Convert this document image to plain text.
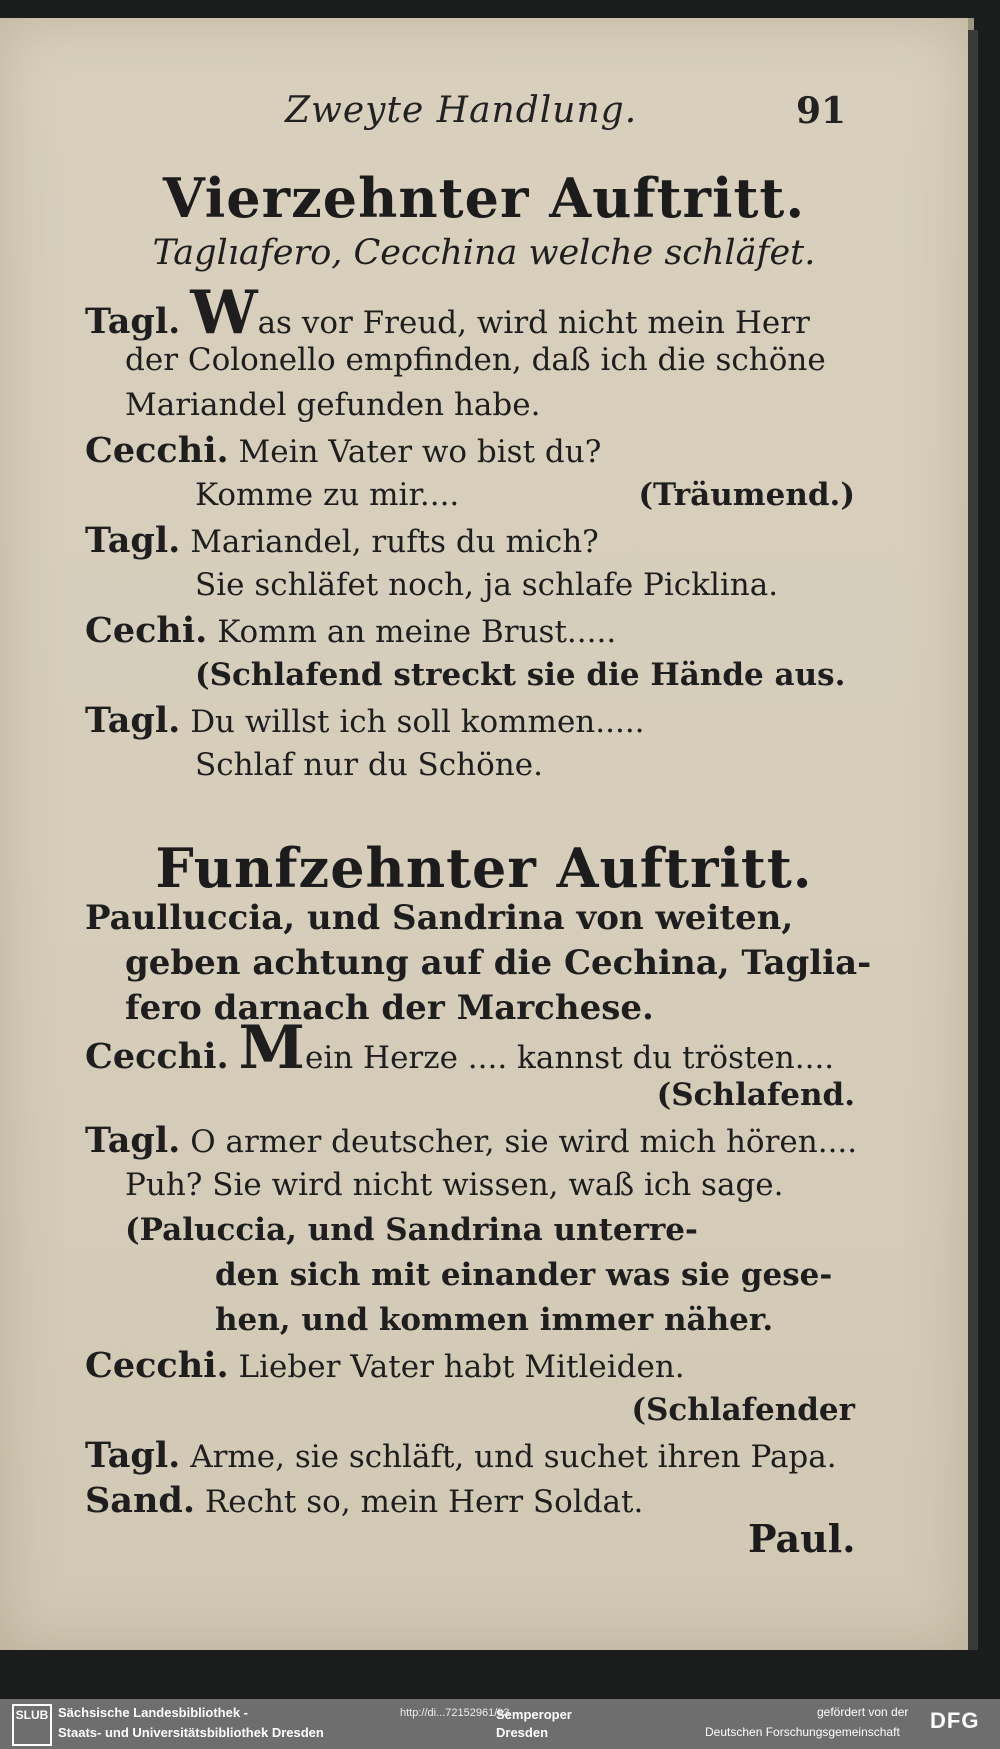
Zweyte Handlung.	91
Vierzehnter Auftritt.
Taglıafero, Cecchina welche schläfet.
Tagl. Was vor Freud, wird nicht mein Herr
der Colonello empfinden, daß ich die schöne
Mariandel gefunden habe.
Cecchi. Mein Vater wo bist du?
Komme zu mir....	(Träumend.)
Tagl. Mariandel, rufts du mich?
Sie schläfet noch, ja schlafe Picklina.
Cechi. Komm an meine Brust.....
(Schlafend streckt sie die Hände aus.
Tagl. Du willst ich soll kommen.....
Schlaf nur du Schöne.
Funfzehnter Auftritt.
Paulluccia, und Sandrina von weiten,
geben achtung auf die Cechina, Taglia-
fero darnach der Marchese.
Cecchi. Mein Herze .... kannst du trösten....
(Schlafend.
Tagl. O armer deutscher, sie wird mich hören....
Puh? Sie wird nicht wissen, waß ich sage.
(Paluccia, und Sandrina unterre-
den sich mit einander was sie gese-
hen, und kommen immer näher.
Cecchi. Lieber Vater habt Mitleiden.
(Schlafender
Tagl. Arme, sie schläft, und suchet ihren Papa.
Sand. Recht so, mein Herr Soldat.
Paul.
SLUB Sächsische Landesbibliothek -
Staats- und Universitätsbibliothek Dresden
http://di...72152961/93
Semperoper
Dresden
gefördert von der
Deutschen Forschungsgemeinschaft DFG
